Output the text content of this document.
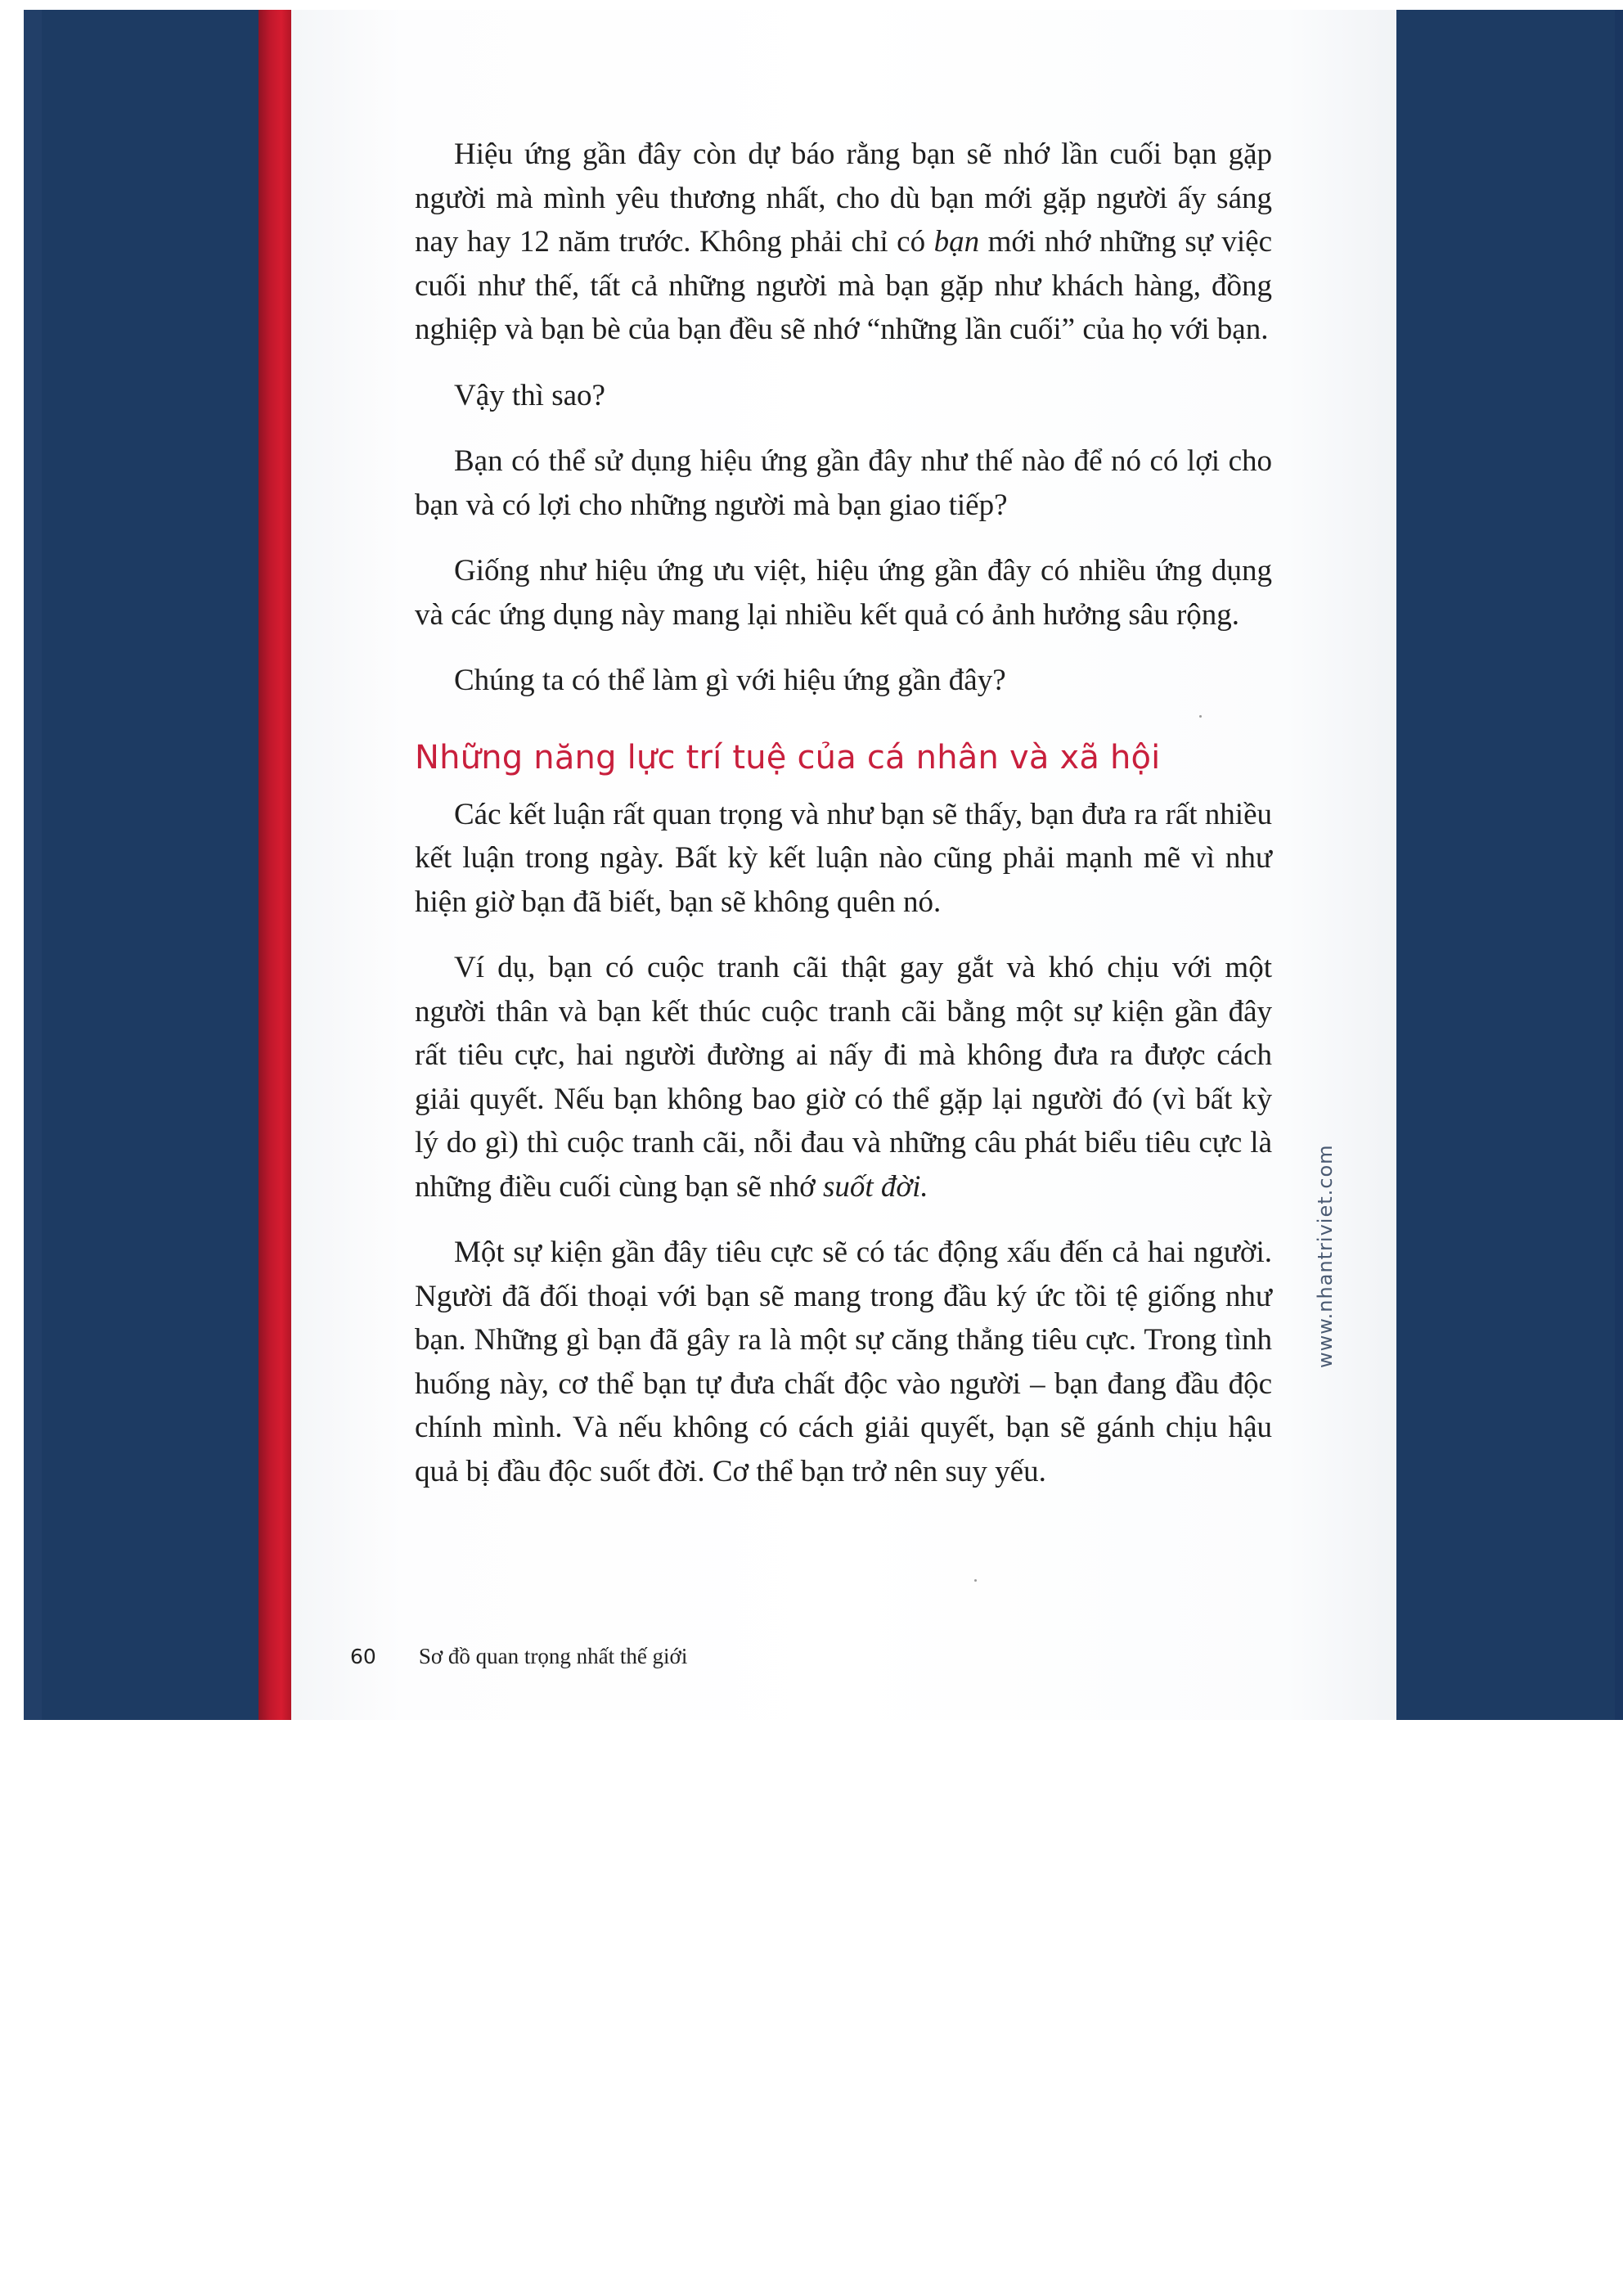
Hiệu ứng gần đây còn dự báo rằng bạn sẽ nhớ lần cuối bạn gặp người mà mình yêu thương nhất, cho dù bạn mới gặp người ấy sáng nay hay 12 năm trước. Không phải chỉ có bạn mới nhớ những sự việc cuối như thế, tất cả những người mà bạn gặp như khách hàng, đồng nghiệp và bạn bè của bạn đều sẽ nhớ “những lần cuối” của họ với bạn.

Vậy thì sao?

Bạn có thể sử dụng hiệu ứng gần đây như thế nào để nó có lợi cho bạn và có lợi cho những người mà bạn giao tiếp?

Giống như hiệu ứng ưu việt, hiệu ứng gần đây có nhiều ứng dụng và các ứng dụng này mang lại nhiều kết quả có ảnh hưởng sâu rộng.

Chúng ta có thể làm gì với hiệu ứng gần đây?

Những năng lực trí tuệ của cá nhân và xã hội

Các kết luận rất quan trọng và như bạn sẽ thấy, bạn đưa ra rất nhiều kết luận trong ngày. Bất kỳ kết luận nào cũng phải mạnh mẽ vì như hiện giờ bạn đã biết, bạn sẽ không quên nó.

Ví dụ, bạn có cuộc tranh cãi thật gay gắt và khó chịu với một người thân và bạn kết thúc cuộc tranh cãi bằng một sự kiện gần đây rất tiêu cực, hai người đường ai nấy đi mà không đưa ra được cách giải quyết. Nếu bạn không bao giờ có thể gặp lại người đó (vì bất kỳ lý do gì) thì cuộc tranh cãi, nỗi đau và những câu phát biểu tiêu cực là những điều cuối cùng bạn sẽ nhớ suốt đời.

Một sự kiện gần đây tiêu cực sẽ có tác động xấu đến cả hai người. Người đã đối thoại với bạn sẽ mang trong đầu ký ức tồi tệ giống như bạn. Những gì bạn đã gây ra là một sự căng thẳng tiêu cực. Trong tình huống này, cơ thể bạn tự đưa chất độc vào người – bạn đang đầu độc chính mình. Và nếu không có cách giải quyết, bạn sẽ gánh chịu hậu quả bị đầu độc suốt đời. Cơ thể bạn trở nên suy yếu.

www.nhantriviet.com
60 Sơ đồ quan trọng nhất thế giới
